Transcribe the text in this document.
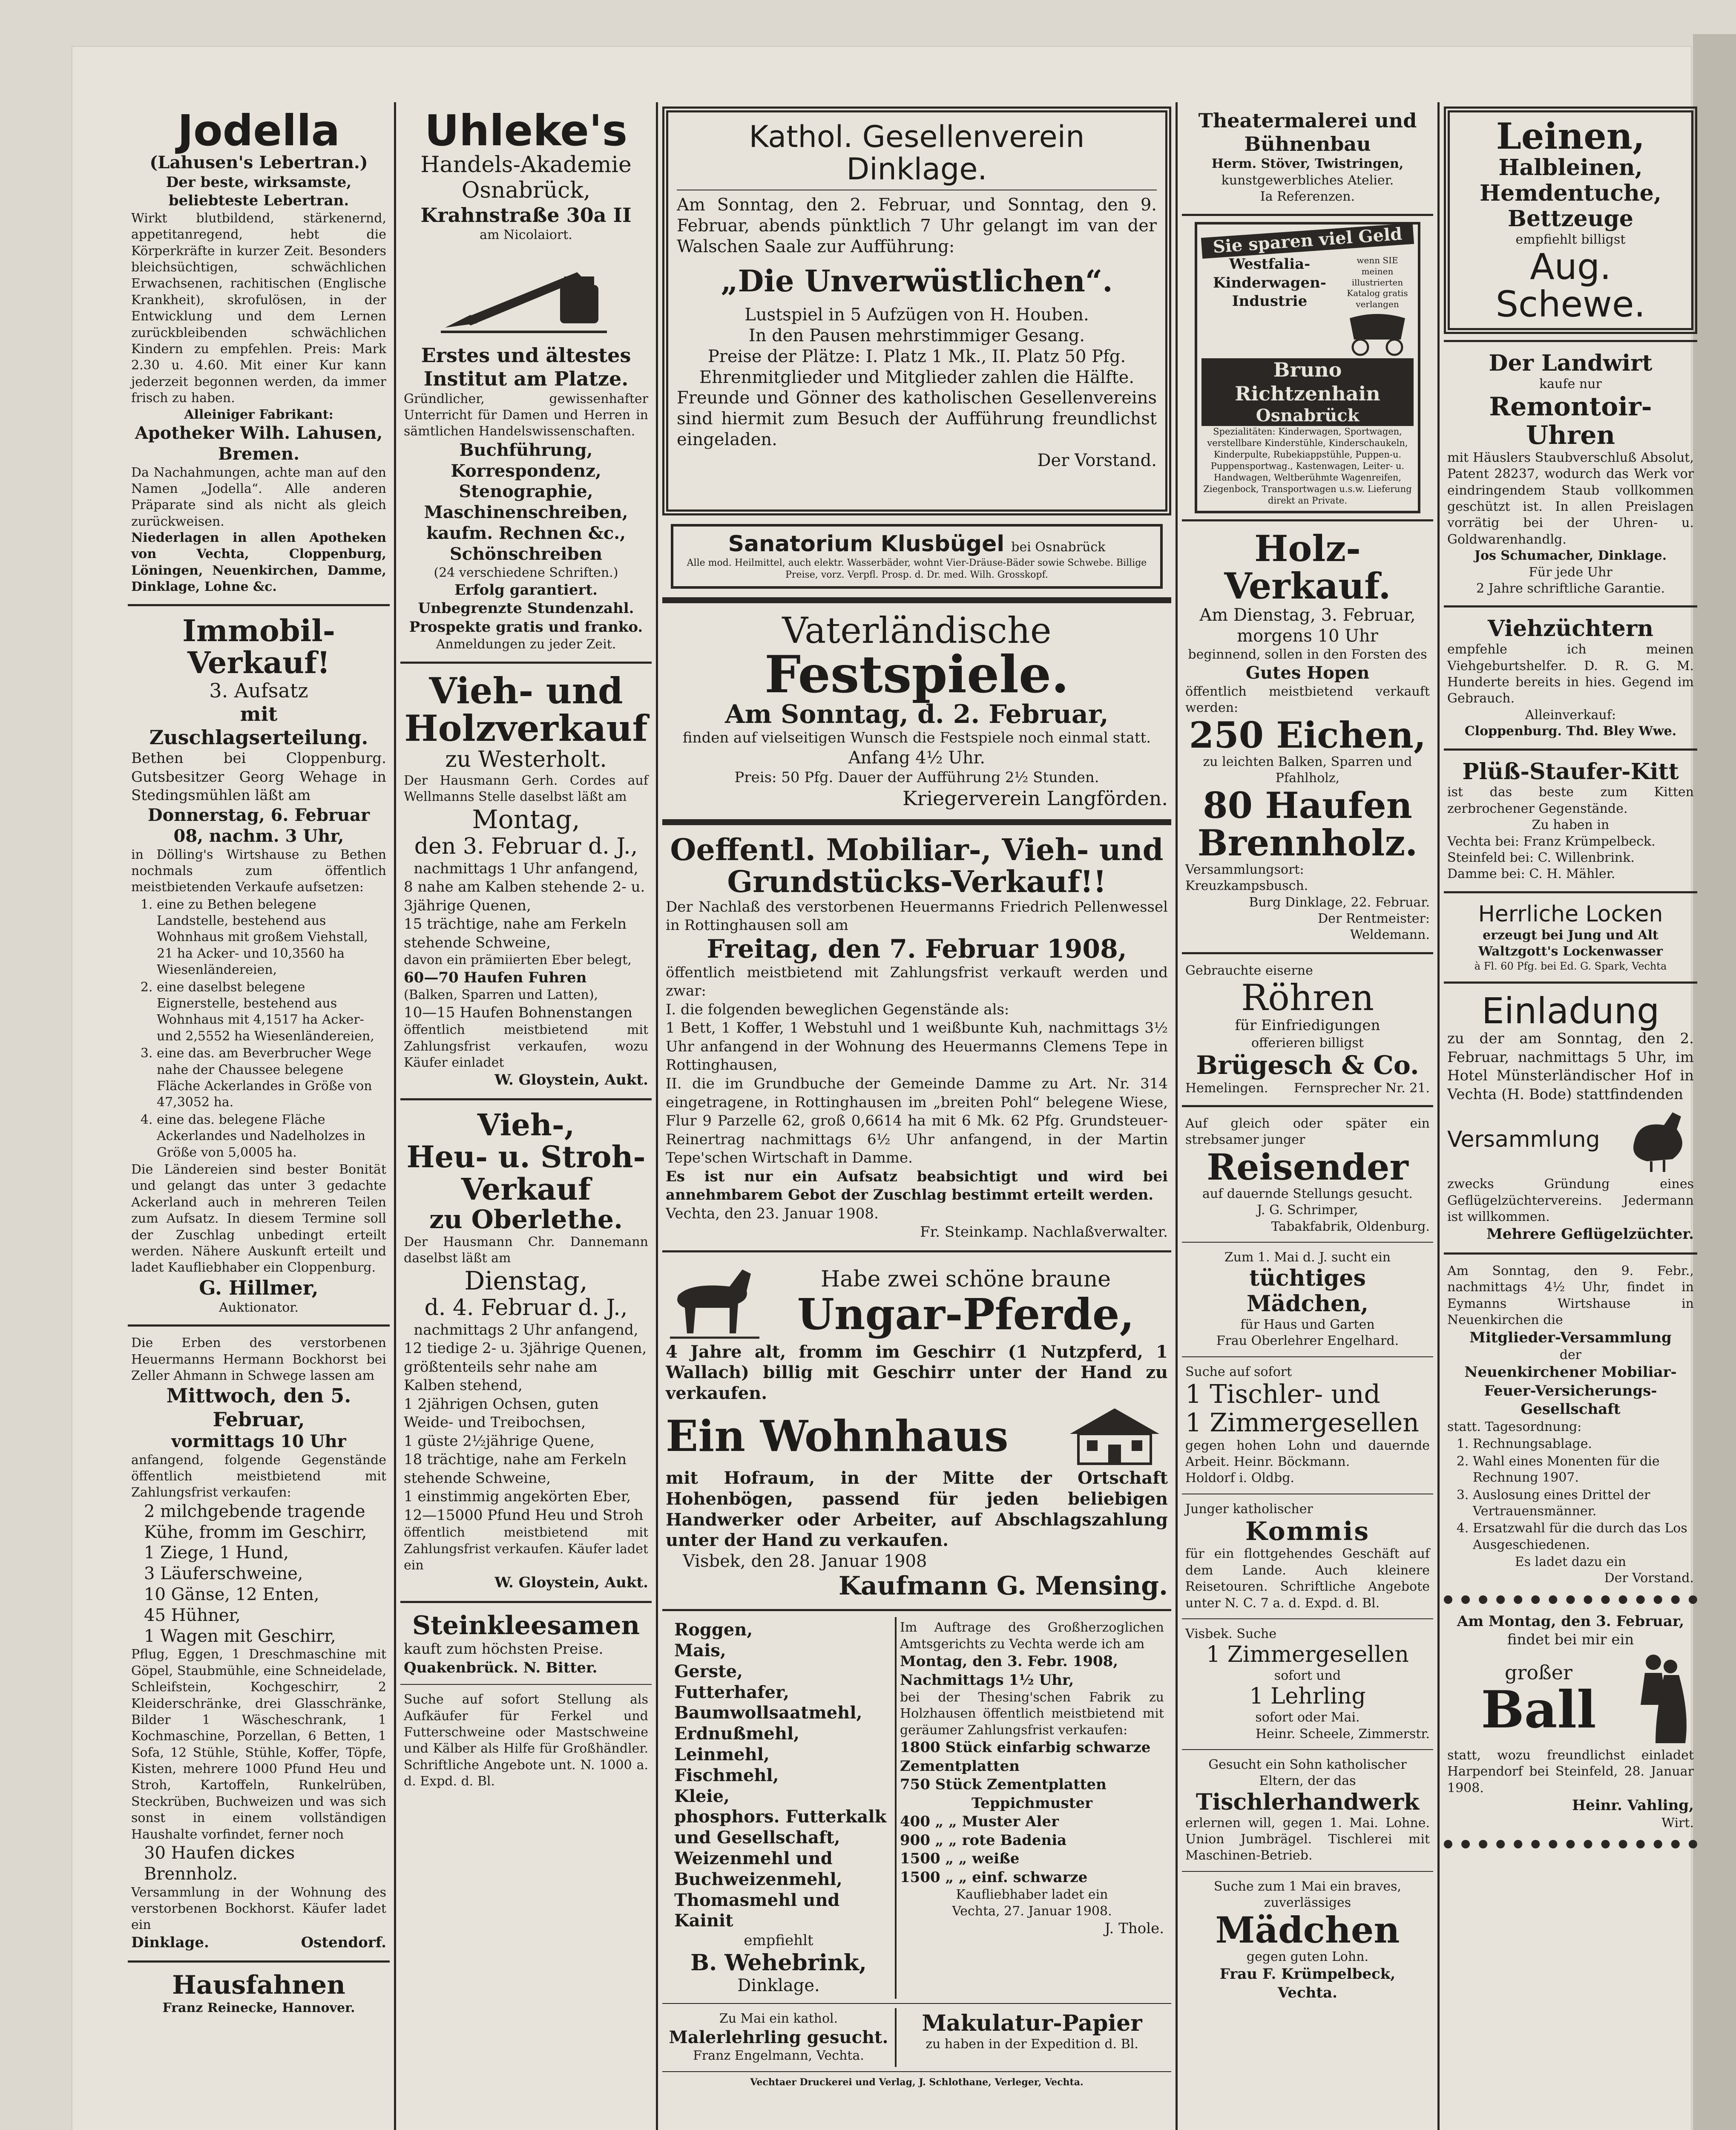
Jodella
(Lahusen's Lebertran.)
Der beste, wirksamste, beliebteste Lebertran.
Wirkt blutbildend, stärkenernd, appetitanregend, hebt die Körperkräfte in kurzer Zeit. Besonders bleichsüchtigen, schwächlichen Erwachsenen, rachitischen (Englische Krankheit), skrofulösen, in der Entwicklung und dem Lernen zurückbleibenden schwächlichen Kindern zu empfehlen. Preis: Mark 2.30 u. 4.60. Mit einer Kur kann jederzeit begonnen werden, da immer frisch zu haben.
Alleiniger Fabrikant:
Apotheker Wilh. Lahusen, Bremen.
Da Nachahmungen, achte man auf den Namen „Jodella“. Alle anderen Präparate sind als nicht als gleich zurückweisen.
Niederlagen in allen Apotheken von Vechta, Cloppenburg, Löningen, Neuenkirchen, Damme, Dinklage, Lohne &c.
Immobil-Verkauf!
3. Aufsatz
mit Zuschlagserteilung.
Bethen bei Cloppenburg. Gutsbesitzer Georg Wehage in Stedingsmühlen läßt am
Donnerstag, 6. Februar 08, nachm. 3 Uhr,
in Dölling's Wirtshause zu Bethen nochmals zum öffentlich meistbietenden Verkaufe aufsetzen:
1. eine zu Bethen belegene Landstelle, bestehend aus Wohnhaus mit großem Viehstall, 21 ha Acker- und 10,3560 ha Wiesenländereien,
2. eine daselbst belegene Eignerstelle, bestehend aus Wohnhaus mit 4,1517 ha Acker- und 2,5552 ha Wiesenländereien,
3. eine das. am Beverbrucher Wege nahe der Chaussee belegene Fläche Ackerlandes in Größe von 47,3052 ha.
4. eine das. belegene Fläche Ackerlandes und Nadelholzes in Größe von 5,0005 ha.
Die Ländereien sind bester Bonität und gelangt das unter 3 gedachte Ackerland auch in mehreren Teilen zum Aufsatz. In diesem Termine soll der Zuschlag unbedingt erteilt werden. Nähere Auskunft erteilt und ladet Kaufliebhaber ein Cloppenburg.
G. Hillmer,
Auktionator.
Die Erben des verstorbenen Heuermanns Hermann Bockhorst bei Zeller Ahmann in Schwege lassen am
Mittwoch, den 5. Februar,
vormittags 10 Uhr
anfangend, folgende Gegenstände öffentlich meistbietend mit Zahlungsfrist verkaufen:
2 milchgebende tragende Kühe, fromm im Geschirr,
1 Ziege, 1 Hund,
3 Läuferschweine,
10 Gänse, 12 Enten,
45 Hühner,
1 Wagen mit Geschirr,
Pflug, Eggen, 1 Dreschmaschine mit Göpel, Staubmühle, eine Schneidelade, Schleifstein, Kochgeschirr, 2 Kleiderschränke, drei Glasschränke, Bilder 1 Wäscheschrank, 1 Kochmaschine, Porzellan, 6 Betten, 1 Sofa, 12 Stühle, Stühle, Koffer, Töpfe, Kisten, mehrere 1000 Pfund Heu und Stroh, Kartoffeln, Runkelrüben, Steckrüben, Buchweizen und was sich sonst in einem vollständigen Haushalte vorfindet, ferner noch
30 Haufen dickes Brennholz.
Versammlung in der Wohnung des verstorbenen Bockhorst. Käufer ladet ein
Dinklage.	Ostendorf.
Hausfahnen
Franz Reinecke, Hannover.
Uhleke's
Handels-Akademie
Osnabrück,
Krahnstraße 30a II
am Nicolaiort.
Erstes und ältestes Institut am Platze.
Gründlicher, gewissenhafter Unterricht für Damen und Herren in sämtlichen Handelswissenschaften.
Buchführung,
Korrespondenz,
Stenographie,
Maschinenschreiben,
kaufm. Rechnen &c.,
Schönschreiben
(24 verschiedene Schriften.)
Erfolg garantiert.
Unbegrenzte Stundenzahl.
Prospekte gratis und franko.
Anmeldungen zu jeder Zeit.
Vieh- und
Holzverkauf
zu Westerholt.
Der Hausmann Gerh. Cordes auf Wellmanns Stelle daselbst läßt am
Montag,
den 3. Februar d. J.,
nachmittags 1 Uhr anfangend,
8 nahe am Kalben stehende 2- u. 3jährige Quenen,
15 trächtige, nahe am Ferkeln stehende Schweine,
davon ein prämiierten Eber belegt,
60—70 Haufen Fuhren
(Balken, Sparren und Latten),
10—15 Haufen Bohnenstangen
öffentlich meistbietend mit Zahlungsfrist verkaufen, wozu Käufer einladet
W. Gloystein, Aukt.
Vieh-,
Heu- u. Stroh-
Verkauf
zu Oberlethe.
Der Hausmann Chr. Dannemann daselbst läßt am
Dienstag,
d. 4. Februar d. J.,
nachmittags 2 Uhr anfangend,
12 tiedige 2- u. 3jährige Quenen, größtenteils sehr nahe am Kalben stehend,
1 2jährigen Ochsen, guten Weide- und Treibochsen,
1 güste 2½jährige Quene,
18 trächtige, nahe am Ferkeln stehende Schweine,
1 einstimmig angekörten Eber,
12—15000 Pfund Heu und Stroh
öffentlich meistbietend mit Zahlungsfrist verkaufen. Käufer ladet ein
W. Gloystein, Aukt.
Steinkleesamen
kauft zum höchsten Preise.
Quakenbrück. N. Bitter.
Suche auf sofort Stellung als Aufkäufer für Ferkel und Futterschweine oder Mastschweine und Kälber als Hilfe für Großhändler. Schriftliche Angebote unt. N. 1000 a. d. Expd. d. Bl.
Kathol. Gesellenverein Dinklage.
Am Sonntag, den 2. Februar, und Sonntag, den 9. Februar, abends pünktlich 7 Uhr gelangt im van der Walschen Saale zur Aufführung:
„Die Unverwüstlichen“.
Lustspiel in 5 Aufzügen von H. Houben.
In den Pausen mehrstimmiger Gesang.
Preise der Plätze: I. Platz 1 Mk., II. Platz 50 Pfg.
Ehrenmitglieder und Mitglieder zahlen die Hälfte.
Freunde und Gönner des katholischen Gesellenvereins sind hiermit zum Besuch der Aufführung freundlichst eingeladen.
Der Vorstand.
Sanatorium Klusbügel bei Osnabrück
Alle mod. Heilmittel, auch elektr. Wasserbäder, wohnt Vier-Dräuse-Bäder sowie Schwebe. Billige Preise, vorz. Verpfl. Prosp. d. Dr. med. Wilh. Grosskopf.
Vaterländische
Festspiele.
Am Sonntag, d. 2. Februar,
finden auf vielseitigen Wunsch die Festspiele noch einmal statt.
Anfang 4½ Uhr.
Preis: 50 Pfg. Dauer der Aufführung 2½ Stunden.
Kriegerverein Langförden.
Oeffentl. Mobiliar-, Vieh- und Grundstücks-Verkauf!!
Der Nachlaß des verstorbenen Heuermanns Friedrich Pellenwessel in Rottinghausen soll am
Freitag, den 7. Februar 1908,
öffentlich meistbietend mit Zahlungsfrist verkauft werden und zwar:
I. die folgenden beweglichen Gegenstände als:
1 Bett, 1 Koffer, 1 Webstuhl und 1 weißbunte Kuh, nachmittags 3½ Uhr anfangend in der Wohnung des Heuermanns Clemens Tepe in Rottinghausen,
II. die im Grundbuche der Gemeinde Damme zu Art. Nr. 314 eingetragene, in Rottinghausen im „breiten Pohl“ belegene Wiese, Flur 9 Parzelle 62, groß 0,6614 ha mit 6 Mk. 62 Pfg. Grundsteuer-Reinertrag nachmittags 6½ Uhr anfangend, in der Martin Tepe'schen Wirtschaft in Damme.
Es ist nur ein Aufsatz beabsichtigt und wird bei annehmbarem Gebot der Zuschlag bestimmt erteilt werden.
Vechta, den 23. Januar 1908.
Fr. Steinkamp. Nachlaßverwalter.
Habe zwei schöne braune
Ungar-Pferde,
4 Jahre alt, fromm im Geschirr (1 Nutzpferd, 1 Wallach) billig mit Geschirr unter der Hand zu verkaufen.
Ein Wohnhaus
mit Hofraum, in der Mitte der Ortschaft Hohenbögen, passend für jeden beliebigen Handwerker oder Arbeiter, auf Abschlagszahlung unter der Hand zu verkaufen.
Visbek, den 28. Januar 1908
Kaufmann G. Mensing.
Roggen,
Mais,
Gerste,
Futterhafer,
Baumwollsaatmehl,
Erdnußmehl,
Leinmehl,
Fischmehl,
Kleie,
phosphors. Futterkalk
und Gesellschaft,
Weizenmehl und
Buchweizenmehl,
Thomasmehl und
Kainit
empfiehlt
B. Wehebrink,
Dinklage.
Im Auftrage des Großherzoglichen Amtsgerichts zu Vechta werde ich am
Montag, den 3. Febr. 1908, Nachmittags 1½ Uhr,
bei der Thesing'schen Fabrik zu Holzhausen öffentlich meistbietend mit geräumer Zahlungsfrist verkaufen:
1800 Stück einfarbig schwarze Zementplatten
750 Stück Zementplatten
Teppichmuster
400 „ „ Muster Aler
900 „ „ rote Badenia
1500 „ „ weiße
1500 „ „ einf. schwarze
Kaufliebhaber ladet ein
Vechta, 27. Januar 1908.
J. Thole.
Zu Mai ein kathol.
Malerlehrling gesucht.
Franz Engelmann, Vechta.
Makulatur-Papier
zu haben in der Expedition d. Bl.
Vechtaer Druckerei und Verlag, J. Schlothane, Verleger, Vechta.
Theatermalerei und Bühnenbau
Herm. Stöver, Twistringen,
kunstgewerbliches Atelier.
Ia Referenzen.
Sie sparen viel Geld
Westfalia-
Kinderwagen-
Industrie
wenn SIE meinen illustrierten Katalog gratis verlangen
Bruno Richtzenhain
Osnabrück
Spezialitäten: Kinderwagen, Sportwagen, verstellbare Kinderstühle, Kinderschaukeln, Kinderpulte, Rubekiappstühle, Puppen-u. Puppensportwag., Kastenwagen, Leiter- u. Handwagen, Weltberühmte Wagenreifen, Ziegenbock, Transportwagen u.s.w. Lieferung direkt an Private.
Holz-Verkauf.
Am Dienstag, 3. Februar,
morgens 10 Uhr
beginnend, sollen in den Forsten des
Gutes Hopen
öffentlich meistbietend verkauft werden:
250 Eichen,
zu leichten Balken, Sparren und Pfahlholz,
80 Haufen
Brennholz.
Versammlungsort: Kreuzkampsbusch.
Burg Dinklage, 22. Februar.
Der Rentmeister:
Weldemann.
Gebrauchte eiserne
Röhren
für Einfriedigungen
offerieren billigst
Brügesch & Co.
Hemelingen. Fernsprecher Nr. 21.
Auf gleich oder später ein strebsamer junger
Reisender
auf dauernde Stellungs gesucht.
J. G. Schrimper,
Tabakfabrik, Oldenburg.
Zum 1. Mai d. J. sucht ein
tüchtiges Mädchen,
für Haus und Garten
Frau Oberlehrer Engelhard.
Suche auf sofort
1 Tischler- und
1 Zimmergesellen
gegen hohen Lohn und dauernde Arbeit. Heinr. Böckmann.
Holdorf i. Oldbg.
Junger katholischer
Kommis
für ein flottgehendes Geschäft auf dem Lande. Auch kleinere Reisetouren. Schriftliche Angebote unter N. C. 7 a. d. Expd. d. Bl.
Visbek. Suche
1 Zimmergesellen
sofort und
1 Lehrling
sofort oder Mai.
Heinr. Scheele, Zimmerstr.
Gesucht ein Sohn katholischer Eltern, der das
Tischlerhandwerk
erlernen will, gegen 1. Mai. Lohne. Union Jumbrägel. Tischlerei mit Maschinen-Betrieb.
Suche zum 1 Mai ein braves, zuverlässiges
Mädchen
gegen guten Lohn.
Frau F. Krümpelbeck,
Vechta.
Leinen,
Halbleinen,
Hemdentuche,
Bettzeuge
empfiehlt billigst
Aug. Schewe.
Der Landwirt
kaufe nur
Remontoir-Uhren
mit Häuslers Staubverschluß Absolut, Patent 28237, wodurch das Werk vor eindringendem Staub vollkommen geschützt ist. In allen Preislagen vorrätig bei der Uhren- u. Goldwarenhandlg.
Jos Schumacher, Dinklage.
Für jede Uhr
2 Jahre schriftliche Garantie.
Viehzüchtern
empfehle ich meinen Viehgeburtshelfer. D. R. G. M. Hunderte bereits in hies. Gegend im Gebrauch.
Alleinverkauf:
Cloppenburg. Thd. Bley Wwe.
Plüß-Staufer-Kitt
ist das beste zum Kitten zerbrochener Gegenstände.
Zu haben in
Vechta bei: Franz Krümpelbeck.
Steinfeld bei: C. Willenbrink.
Damme bei: C. H. Mähler.
Herrliche Locken
erzeugt bei Jung und Alt
Waltzgott's Lockenwasser
à Fl. 60 Pfg. bei Ed. G. Spark, Vechta
Einladung
zu der am Sonntag, den 2. Februar, nachmittags 5 Uhr, im Hotel Münsterländischer Hof in Vechta (H. Bode) stattfindenden
Versammlung
zwecks Gründung eines Geflügelzüchtervereins. Jedermann ist willkommen.
Mehrere Geflügelzüchter.
Am Sonntag, den 9. Febr., nachmittags 4½ Uhr, findet in Eymanns Wirtshause in Neuenkirchen die
Mitglieder-Versammlung
der
Neuenkirchener Mobiliar-Feuer-Versicherungs-Gesellschaft
statt. Tagesordnung:
1. Rechnungsablage.
2. Wahl eines Monenten für die Rechnung 1907.
3. Auslosung eines Drittel der Vertrauensmänner.
4. Ersatzwahl für die durch das Los Ausgeschiedenen.
Es ladet dazu ein
Der Vorstand.
Am Montag, den 3. Februar,
findet bei mir ein
großer
Ball
statt, wozu freundlichst einladet Harpendorf bei Steinfeld, 28. Januar 1908.
Heinr. Vahling,
Wirt.
